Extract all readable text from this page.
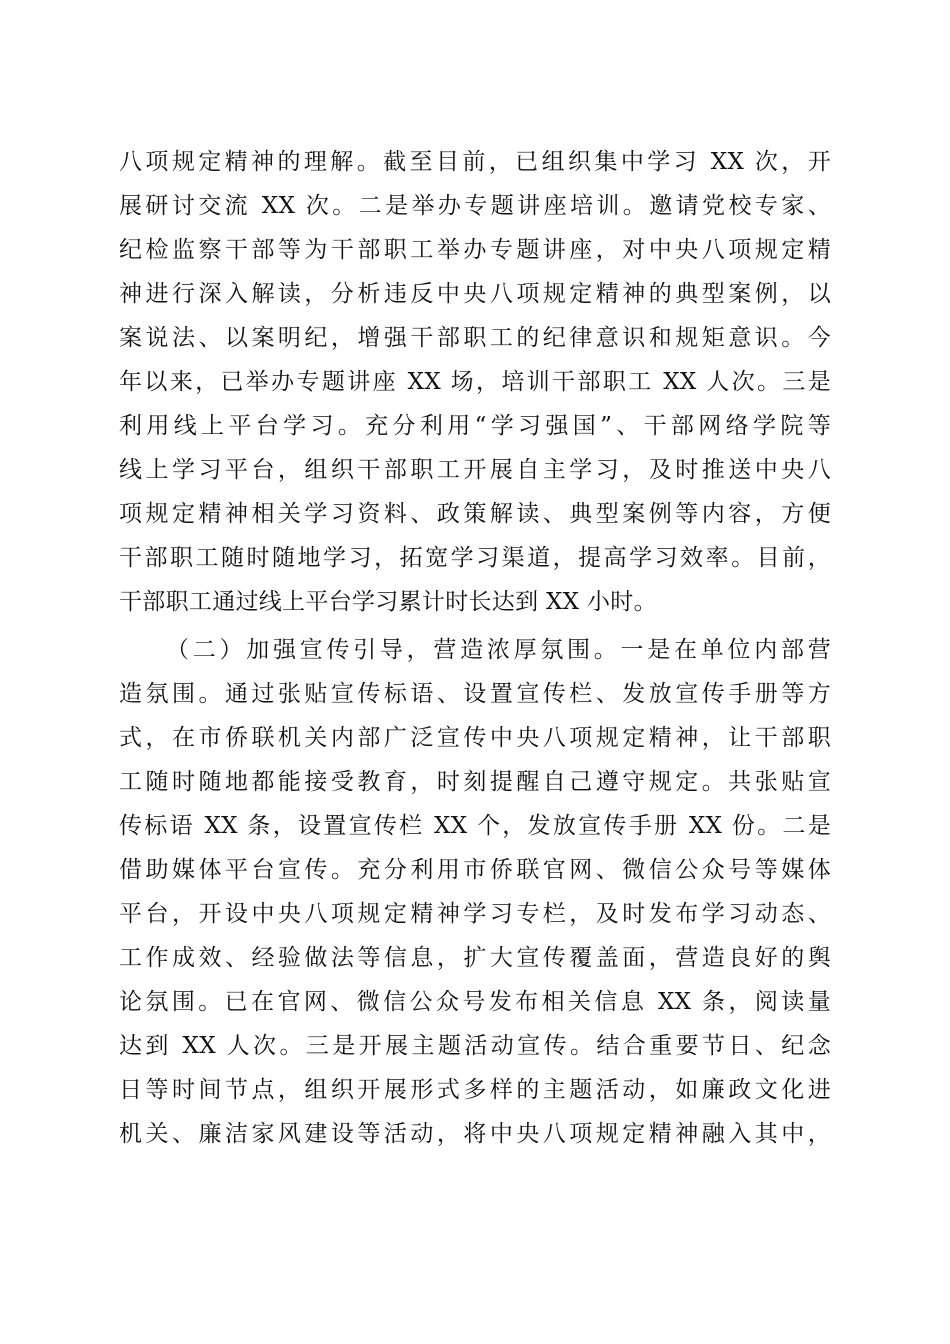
八项规定精神的理解。截至目前，已组织集中学习 XX 次，开
展研讨交流 XX 次。二是举办专题讲座培训。邀请党校专家、
纪检监察干部等为干部职工举办专题讲座，对中央八项规定精
神进行深入解读，分析违反中央八项规定精神的典型案例，以
案说法、以案明纪，增强干部职工的纪律意识和规矩意识。今
年以来，已举办专题讲座 XX 场，培训干部职工 XX 人次。三是
利用线上平台学习。充分利用“学习强国”、干部网络学院等
线上学习平台，组织干部职工开展自主学习，及时推送中央八
项规定精神相关学习资料、政策解读、典型案例等内容，方便
干部职工随时随地学习，拓宽学习渠道，提高学习效率。目前，
干部职工通过线上平台学习累计时长达到 XX 小时。
（二）加强宣传引导，营造浓厚氛围。一是在单位内部营
造氛围。通过张贴宣传标语、设置宣传栏、发放宣传手册等方
式，在市侨联机关内部广泛宣传中央八项规定精神，让干部职
工随时随地都能接受教育，时刻提醒自己遵守规定。共张贴宣
传标语 XX 条，设置宣传栏 XX 个，发放宣传手册 XX 份。二是
借助媒体平台宣传。充分利用市侨联官网、微信公众号等媒体
平台，开设中央八项规定精神学习专栏，及时发布学习动态、
工作成效、经验做法等信息，扩大宣传覆盖面，营造良好的舆
论氛围。已在官网、微信公众号发布相关信息 XX 条，阅读量
达到 XX 人次。三是开展主题活动宣传。结合重要节日、纪念
日等时间节点，组织开展形式多样的主题活动，如廉政文化进
机关、廉洁家风建设等活动，将中央八项规定精神融入其中，
